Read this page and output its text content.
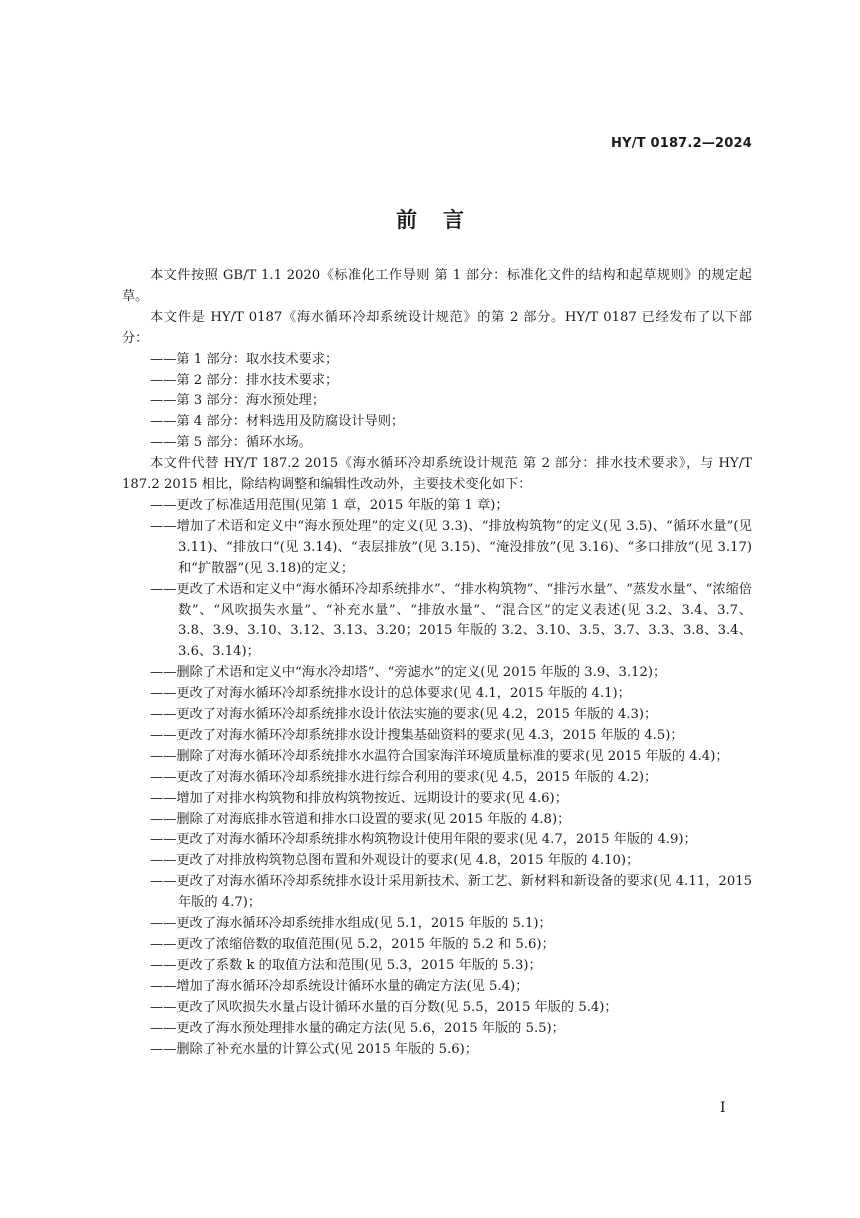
HY/T 0187.2—2024
前言

本文件按照 GB/T 1.1 2020《标准化工作导则 第 1 部分：标准化文件的结构和起草规则》的规定起草。

本文件是 HY/T 0187《海水循环冷却系统设计规范》的第 2 部分。HY/T 0187 已经发布了以下部分：

——第 1 部分：取水技术要求；

——第 2 部分：排水技术要求；

——第 3 部分：海水预处理；

——第 4 部分：材料选用及防腐设计导则；

——第 5 部分：循环水场。

本文件代替 HY/T 187.2 2015《海水循环冷却系统设计规范 第 2 部分：排水技术要求》，与 HY/T 187.2 2015 相比，除结构调整和编辑性改动外，主要技术变化如下：

——更改了标准适用范围(见第 1 章，2015 年版的第 1 章)；

——增加了术语和定义中“海水预处理”的定义(见 3.3)、“排放构筑物”的定义(见 3.5)、“循环水量”(见 3.11)、“排放口”(见 3.14)、“表层排放”(见 3.15)、“淹没排放”(见 3.16)、“多口排放”(见 3.17)和“扩散器”(见 3.18)的定义；

——更改了术语和定义中“海水循环冷却系统排水”、“排水构筑物”、“排污水量”、“蒸发水量”、“浓缩倍数”、“风吹损失水量”、“补充水量”、“排放水量”、“混合区”的定义表述(见 3.2、3.4、3.7、3.8、3.9、3.10、3.12、3.13、3.20；2015 年版的 3.2、3.10、3.5、3.7、3.3、3.8、3.4、3.6、3.14)；

——删除了术语和定义中“海水冷却塔”、“旁滤水”的定义(见 2015 年版的 3.9、3.12)；

——更改了对海水循环冷却系统排水设计的总体要求(见 4.1，2015 年版的 4.1)；

——更改了对海水循环冷却系统排水设计依法实施的要求(见 4.2，2015 年版的 4.3)；

——更改了对海水循环冷却系统排水设计搜集基础资料的要求(见 4.3，2015 年版的 4.5)；

——删除了对海水循环冷却系统排水水温符合国家海洋环境质量标准的要求(见 2015 年版的 4.4)；

——更改了对海水循环冷却系统排水进行综合利用的要求(见 4.5，2015 年版的 4.2)；

——增加了对排水构筑物和排放构筑物按近、远期设计的要求(见 4.6)；

——删除了对海底排水管道和排水口设置的要求(见 2015 年版的 4.8)；

——更改了对海水循环冷却系统排水构筑物设计使用年限的要求(见 4.7，2015 年版的 4.9)；

——更改了对排放构筑物总图布置和外观设计的要求(见 4.8，2015 年版的 4.10)；

——更改了对海水循环冷却系统排水设计采用新技术、新工艺、新材料和新设备的要求(见 4.11，2015 年版的 4.7)；

——更改了海水循环冷却系统排水组成(见 5.1，2015 年版的 5.1)；

——更改了浓缩倍数的取值范围(见 5.2，2015 年版的 5.2 和 5.6)；

——更改了系数 k 的取值方法和范围(见 5.3，2015 年版的 5.3)；

——增加了海水循环冷却系统设计循环水量的确定方法(见 5.4)；

——更改了风吹损失水量占设计循环水量的百分数(见 5.5，2015 年版的 5.4)；

——更改了海水预处理排水量的确定方法(见 5.6，2015 年版的 5.5)；

——删除了补充水量的计算公式(见 2015 年版的 5.6)；

I
